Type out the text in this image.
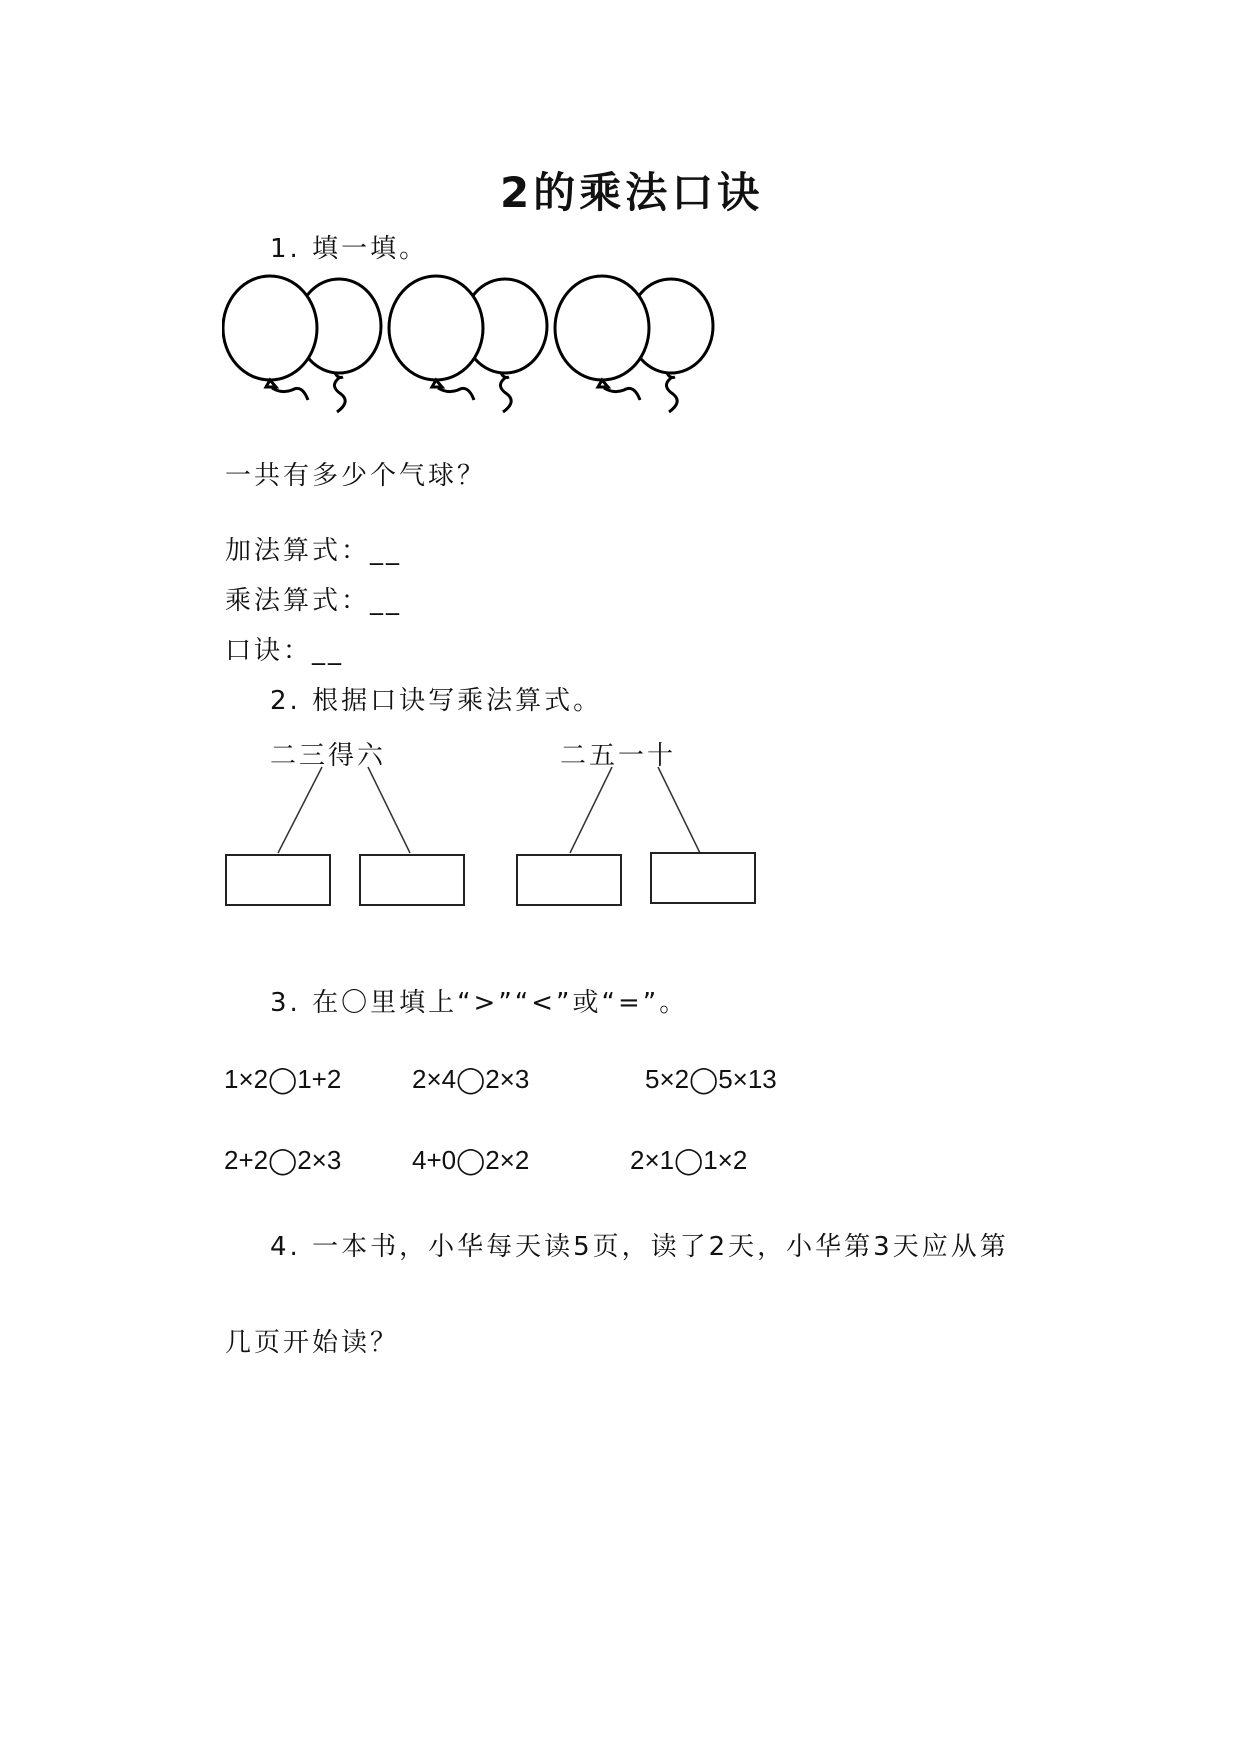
2的乘法口诀
1. 填一填。
一共有多少个气球？
加法算式：__
乘法算式：__
口诀：__
2. 根据口诀写乘法算式。
二三得六	二五一十
3. 在〇里填上“>”“<”或“=”。
1×2◯1+2	2×4◯2×3	5×2◯5×13
2+2◯2×3	4+0◯2×2	2×1◯1×2
4. 一本书，小华每天读5页，读了2天，小华第3天应从第
几页开始读？
